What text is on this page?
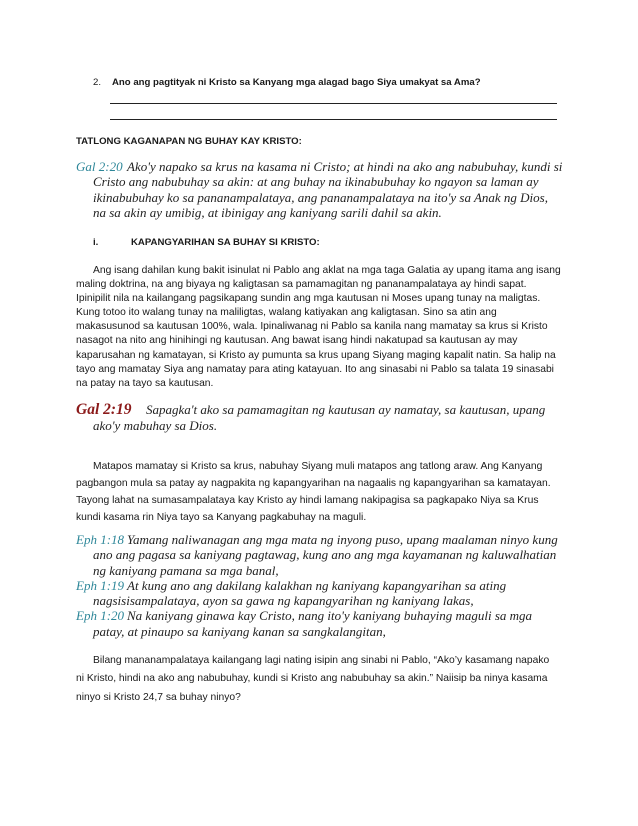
2. Ano ang pagtityak ni Kristo sa Kanyang mga alagad bago Siya umakyat sa Ama?
TATLONG KAGANAPAN NG BUHAY KAY KRISTO:
Gal 2:20 Ako'y napako sa krus na kasama ni Cristo; at hindi na ako ang nabubuhay, kundi si
Cristo ang nabubuhay sa akin: at ang buhay na ikinabubuhay ko ngayon sa laman ay
ikinabubuhay ko sa pananampalataya, ang pananampalataya na ito'y sa Anak ng Dios,
na sa akin ay umibig, at ibinigay ang kaniyang sarili dahil sa akin.
i.	KAPANGYARIHAN SA BUHAY SI KRISTO:
Ang isang dahilan kung bakit isinulat ni Pablo ang aklat na mga taga Galatia ay upang itama ang isang
maling doktrina, na ang biyaya ng kaligtasan sa pamamagitan ng pananampalataya ay hindi sapat.
Ipinipilit nila na kailangang pagsikapang sundin ang mga kautusan ni Moses upang tunay na maligtas.
Kung totoo ito walang tunay na maliligtas, walang katiyakan ang kaligtasan. Sino sa atin ang
makasusunod sa kautusan 100%, wala. Ipinaliwanag ni Pablo sa kanila nang mamatay sa krus si Kristo
nasagot na nito ang hinihingi ng kautusan. Ang bawat isang hindi nakatupad sa kautusan ay may
kaparusahan ng kamatayan, si Kristo ay pumunta sa krus upang Siyang maging kapalit natin. Sa halip na
tayo ang mamatay Siya ang namatay para ating katayuan. Ito ang sinasabi ni Pablo sa talata 19 sinasabi
na patay na tayo sa kautusan.
Gal 2:19 Sapagka't ako sa pamamagitan ng kautusan ay namatay, sa kautusan, upang
ako'y mabuhay sa Dios.
Matapos mamatay si Kristo sa krus, nabuhay Siyang muli matapos ang tatlong araw. Ang Kanyang
pagbangon mula sa patay ay nagpakita ng kapangyarihan na nagaalis ng kapangyarihan sa kamatayan.
Tayong lahat na sumasampalataya kay Kristo ay hindi lamang nakipagisa sa pagkapako Niya sa Krus
kundi kasama rin Niya tayo sa Kanyang pagkabuhay na maguli.
Eph 1:18 Yamang naliwanagan ang mga mata ng inyong puso, upang maalaman ninyo kung
ano ang pagasa sa kaniyang pagtawag, kung ano ang mga kayamanan ng kaluwalhatian
ng kaniyang pamana sa mga banal,
Eph 1:19 At kung ano ang dakilang kalakhan ng kaniyang kapangyarihan sa ating
nagsisisampalataya, ayon sa gawa ng kapangyarihan ng kaniyang lakas,
Eph 1:20 Na kaniyang ginawa kay Cristo, nang ito'y kaniyang buhaying maguli sa mga
patay, at pinaupo sa kaniyang kanan sa sangkalangitan,
Bilang mananampalataya kailangang lagi nating isipin ang sinabi ni Pablo, “Ako’y kasamang napako
ni Kristo, hindi na ako ang nabubuhay, kundi si Kristo ang nabubuhay sa akin.” Naiisip ba ninya kasama
ninyo si Kristo 24,7 sa buhay ninyo?
